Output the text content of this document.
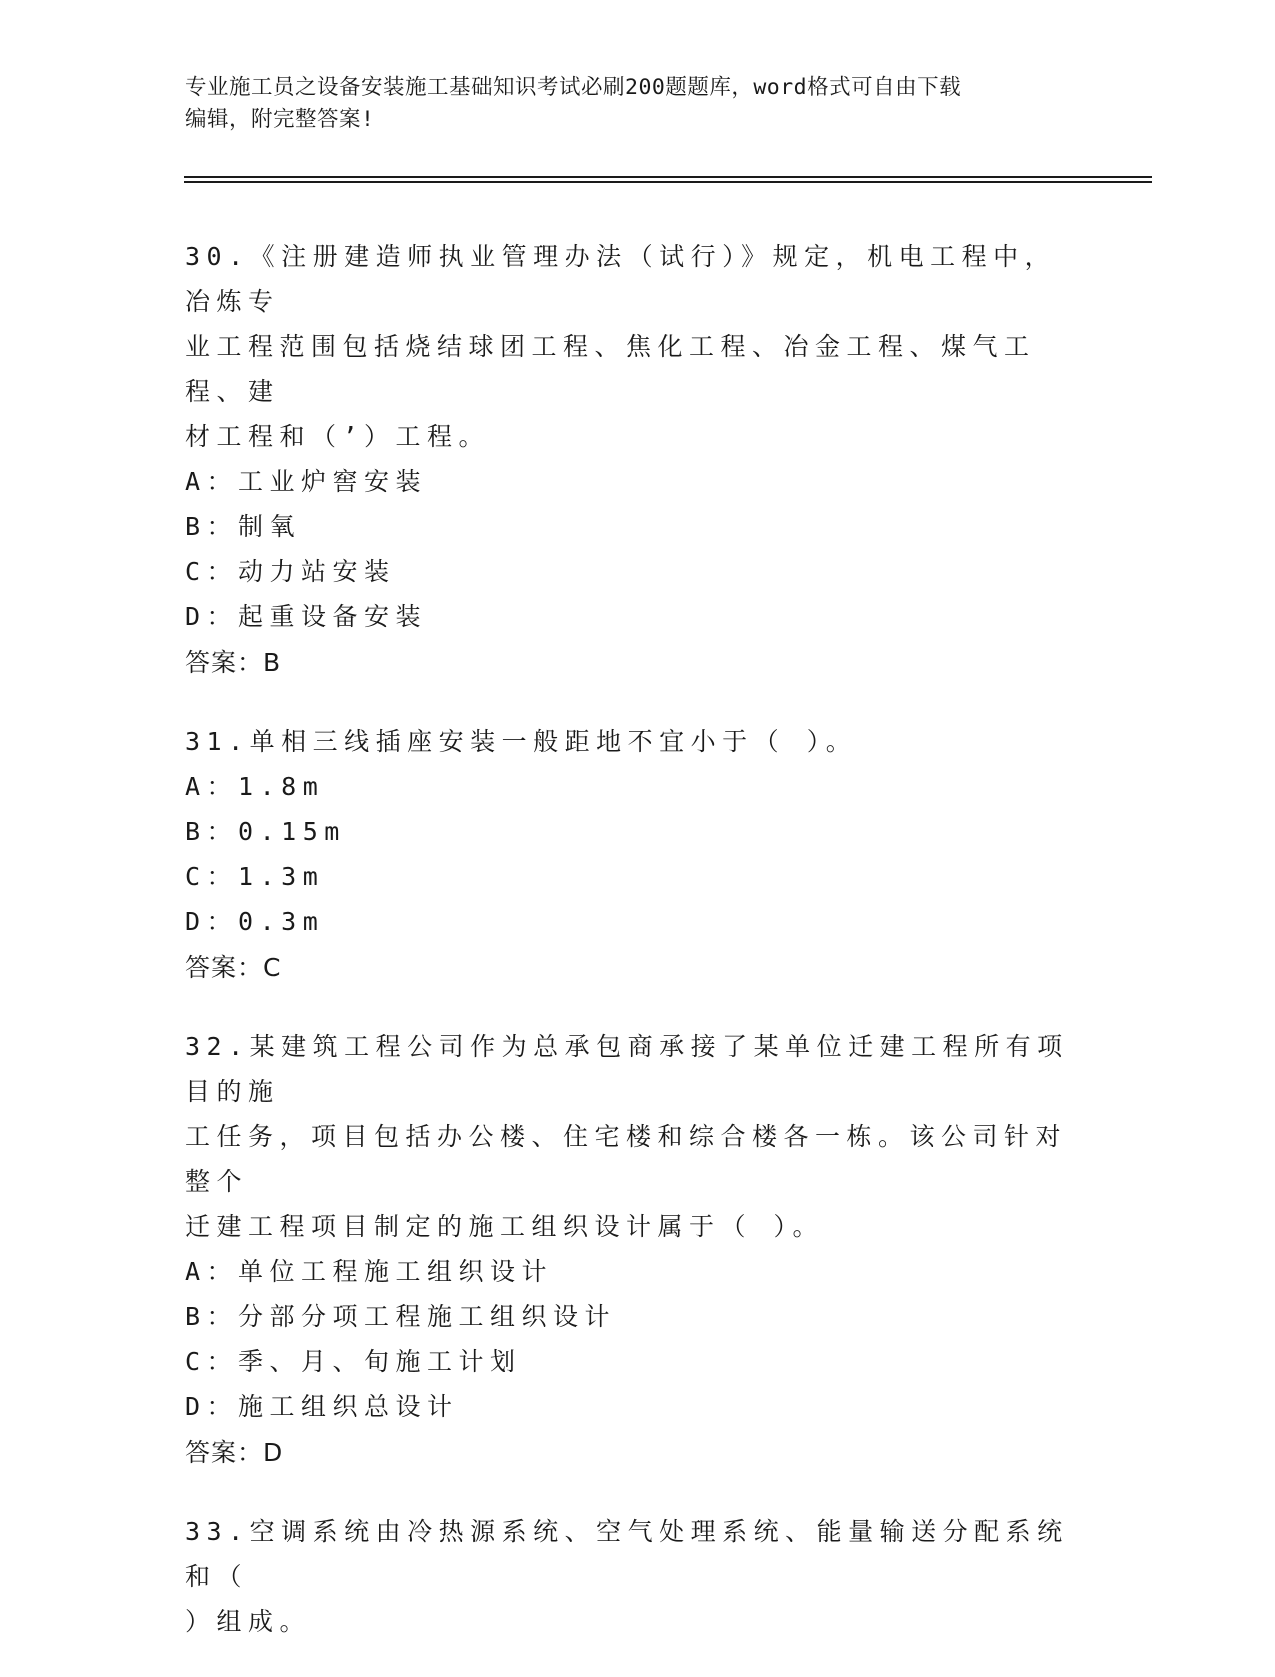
专业施工员之设备安装施工基础知识考试必刷200题题库，word格式可自由下载
编辑，附完整答案!

30.《注册建造师执业管理办法（试行）》规定，机电工程中，冶炼专

业工程范围包括烧结球团工程、焦化工程、冶金工程、煤气工程、建

材工程和（’）工程。

A：工业炉窖安装

B：制氧

C：动力站安装

D：起重设备安装

答案：B

31.单相三线插座安装一般距地不宜小于（ ）。

A：1.8m

B：0.15m

C：1.3m

D：0.3m

答案：C

32.某建筑工程公司作为总承包商承接了某单位迁建工程所有项目的施

工任务，项目包括办公楼、住宅楼和综合楼各一栋。该公司针对整个

迁建工程项目制定的施工组织设计属于（ ）。

A：单位工程施工组织设计

B：分部分项工程施工组织设计

C：季、月、旬施工计划

D：施工组织总设计

答案：D

33.空调系统由冷热源系统、空气处理系统、能量输送分配系统和（

）组成。
